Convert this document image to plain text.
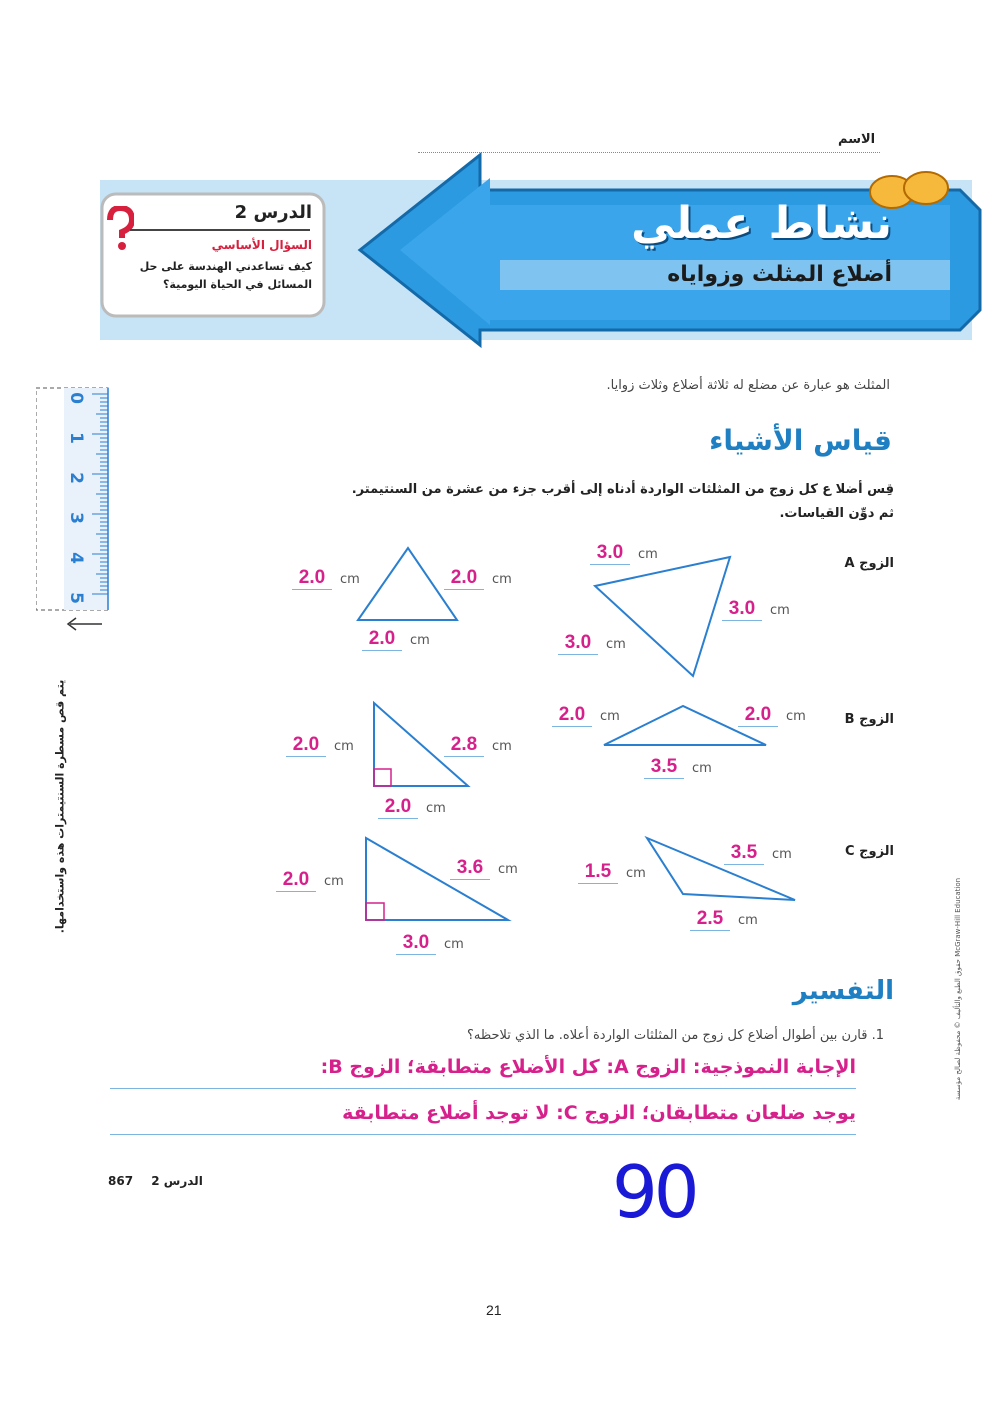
الاسم
نشاط عملي
أضلاع المثلث وزواياه
الدرس 2
السؤال الأساسي
كيف تساعدني الهندسة على حل المسائل في الحياة اليومية؟
المثلث هو عبارة عن مضلع له ثلاثة أضلاع وثلاث زوايا.
قياس الأشياء
قِس أضلا ع كل زوج من المثلثات الواردة أدناه إلى أقرب جزء من عشرة من السنتيمتر.
ثم دوِّن القياسات.
الزوج A
الزوج B
الزوج C
3.0 cm
3.0 cm
3.0 cm
2.0 cm	2.0 cm
2.0 cm
2.0 cm	2.0 cm
3.5 cm
2.0 cm	2.8 cm
2.0 cm
3.5 cm
1.5 cm
2.5 cm
2.0 cm
3.6 cm
3.0 cm
التفسير
1. قارن بين أطوال أضلاع كل زوج من المثلثات الواردة أعلاه. ما الذي تلاحظه؟
الإجابة النموذجية: الزوج A: كل الأضلاع متطابقة؛ الزوج B:
يوجد ضلعان متطابقان؛ الزوج C: لا توجد أضلاع متطابقة
0
1
2
3
4
5
يتم قص مسطرة السنتيمترات هذه واستخدامها.
حقوق الطبع والتأليف © محفوظة لصالح مؤسسة McGraw-Hill Education
867 الدرس 2	90
21
